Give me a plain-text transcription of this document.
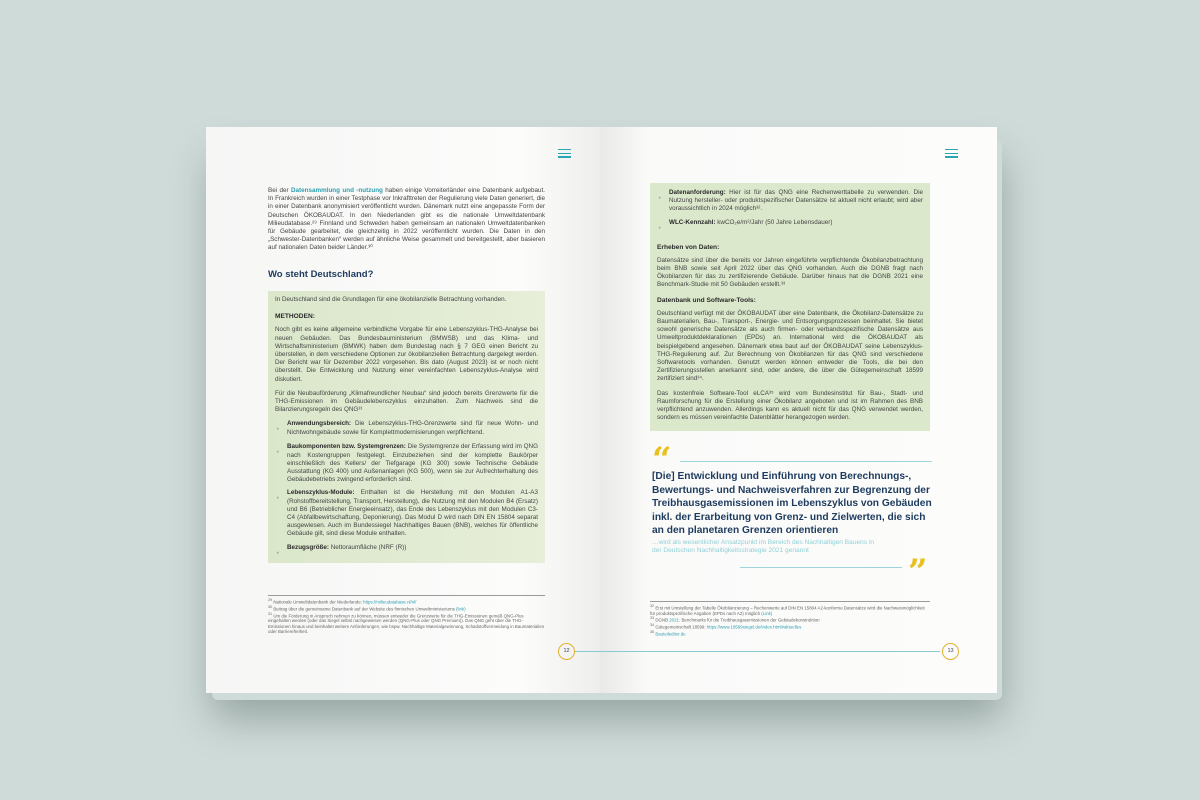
Bei der Datensammlung und -nutzung haben einige Vorreiterländer eine Datenbank aufgebaut. In Frankreich wurden in einer Testphase vor Inkrafttreten der Regulierung viele Daten generiert, die in einer Datenbank anonymisiert veröffentlicht wurden. Dänemark nutzt eine angepasste Form der Deutschen ÖKOBAUDAT. In den Niederlanden gibt es die nationale Umweltdatenbank Milieudatabase.²⁹ Finnland und Schweden haben gemeinsam an nationalen Umweltdatenbanken für Gebäude gearbeitet, die gleichzeitig in 2022 veröffentlicht wurden. Die Daten in den „Schwester-Datenbanken“ werden auf ähnliche Weise gesammelt und bereitgestellt, aber basieren auf nationalen Daten beider Länder.³⁰

Wo steht Deutschland?

In Deutschland sind die Grundlagen für eine ökobilanzielle Betrachtung vorhanden.

METHODEN:

Noch gibt es keine allgemeine verbindliche Vorgabe für eine Lebenszyklus-THG-Analyse bei neuen Gebäuden. Das Bundesbauministerium (BMWSB) und das Klima- und Wirtschaftsministerium (BMWK) haben dem Bundestag nach § 7 GEG einen Bericht zu überstellen, in dem verschiedene Optionen zur ökobilanziellen Betrachtung dargelegt werden. Der Bericht war für Dezember 2022 vorgesehen. Bis dato (August 2023) ist er noch nicht überstellt. Die Entwicklung und Nutzung einer vereinfachten Lebenszyklus-Analyse wird diskutiert.

Für die Neubauförderung „Klimafreundlicher Neubau“ sind jedoch bereits Grenzwerte für die THG-Emissionen im Gebäudelebenszyklus einzuhalten. Zum Nachweis sind die Bilanzierungsregeln des QNG³¹

·	Anwendungsbereich: Die Lebenszyklus-THG-Grenzwerte sind für neue Wohn- und Nichtwohngebäude sowie für Komplettmodernisierungen verpflichtend.

·	Baukomponenten bzw. Systemgrenzen: Die Systemgrenze der Erfassung wird im QNG nach Kostengruppen festgelegt. Einzubeziehen sind der komplette Baukörper einschließlich des Kellers/ der Tiefgarage (KG 300) sowie Technische Gebäude Ausstattung (KG 400) und Außenanlagen (KG 500), wenn sie zur Aufrechterhaltung des Gebäudebetriebs zwingend erforderlich sind.

·	Lebenszyklus-Module: Enthalten ist die Herstellung mit den Modulen A1-A3 (Rohstoffbereitstellung, Transport, Herstellung), die Nutzung mit den Modulen B4 (Ersatz) und B6 (Betrieblicher Energieeinsatz), das Ende des Lebenszyklus mit den Modulen C3-C4 (Abfallbewirtschaftung, Deponierung). Das Modul D wird nach DIN EN 15804 separat ausgewiesen. Auch im Bundessiegel Nachhaltiges Bauen (BNB), welches für öffentliche Gebäude gilt, sind diese Module enthalten.

·	Bezugsgröße: Nettoraumfläche (NRF (R))

$^{29}$ Nationale Umweltdatenbank der Niederlande: https://milieudatabase.nl/nl/
$^{30}$ Beitrag über die gemeinsame Datenbank auf der Website des finnischen Umweltministeriums (link)
$^{31}$ Um die Förderung in Anspruch nehmen zu können, müssen entweder die Grenzwerte für die THG-Emissionen gemäß QNG-Plus eingehalten werden (oder das Siegel selbst nachgewiesen werden (QNG-Plus oder QNG Premium)). Das QNG geht über die THG-Emissionen hinaus und beinhaltet weitere Anforderungen, wie bspw. Nachhaltige Materialgewinnung, Schadstoffvermeidung in Baumaterialien oder Barrierefreiheit.
12
·	Datenanforderung: Hier ist für das QNG eine Rechenwerttabelle zu verwenden. Die Nutzung hersteller- oder produktspezifischer Datensätze ist aktuell nicht erlaubt; wird aber voraussichtlich in 2024 möglich³².

·	WLC-Kennzahl: kwCO₂e/m²/Jahr (50 Jahre Lebensdauer)

Erheben von Daten:

Datensätze sind über die bereits vor Jahren eingeführte verpflichtende Ökobilanzbetrachtung beim BNB sowie seit April 2022 über das QNG vorhanden. Auch die DGNB fragt nach Ökobilanzen für das zu zertifizierende Gebäude. Darüber hinaus hat die DGNB 2021 eine Benchmark-Studie mit 50 Gebäuden erstellt.³³

Datenbank und Software-Tools:

Deutschland verfügt mit der ÖKOBAUDAT über eine Datenbank, die Ökobilanz-Datensätze zu Baumaterialien, Bau-, Transport-, Energie- und Entsorgungsprozessen beinhaltet. Sie bietet sowohl generische Datensätze als auch firmen- oder verbandsspezifische Datensätze aus Umweltproduktdeklarationen (EPDs) an. International wird die ÖKOBAUDAT als beispielgebend angesehen. Dänemark etwa baut auf der ÖKOBAUDAT seine Lebenszyklus-THG-Regulierung auf. Zur Berechnung von Ökobilanzen für das QNG sind verschiedene Softwaretools vorhanden. Genutzt werden können entweder die Tools, die bei den Zertifizierungsstellen anerkannt sind, oder andere, die über die Gütegemeinschaft 18599 zertifiziert sind³⁴.

Das kostenfreie Software-Tool eLCA³⁵ wird vom Bundesinstitut für Bau-, Stadt- und Raumforschung für die Erstellung einer Ökobilanz angeboten und ist im Rahmen des BNB verpflichtend anzuwenden. Allerdings kann es aktuell nicht für das QNG verwendet werden, sondern es müssen vereinfachte Datenblätter herangezogen werden.

“

[Die] Entwicklung und Einführung von Berechnungs-, Bewertungs- und Nachweisverfahren zur Begrenzung der Treibhausgasemissionen im Lebenszyklus von Gebäuden inkl. der Erarbeitung von Grenz- und Zielwerten, die sich an den planetaren Grenzen orientieren

…wird als wesentlicher Ansatzpunkt im Bereich des Nachhaltigen Bauens in der Deutschen Nachhaltigkeitsstrategie 2021 genannt

”
$^{32}$ Erst mit Umstellung der Tabelle Ökobilanzierung – Rechenwerte auf DIN EN 15804 A2-konforme Datensätze wird die Nachweismöglichkeit für produktspezifische Angaben (EPDs nach A2) möglich (Link)
$^{33}$ DGNB 2021: Benchmarks für die Treibhausgasemissionen der Gebäudekonstruktion
$^{34}$ Gütegemeinschaft 18599: https://www.18599siegel.de/index.html#aktuelles
$^{35}$ Bauteileditor.de
13
